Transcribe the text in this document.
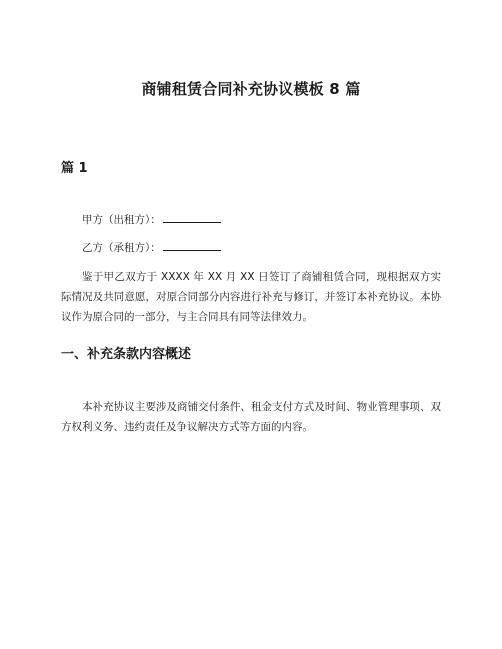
商铺租赁合同补充协议模板 8 篇
篇 1

甲方（出租方）：

乙方（承租方）：

鉴于甲乙双方于 XXXX 年 XX 月 XX 日签订了商铺租赁合同，现根据双方实际情况及共同意愿，对原合同部分内容进行补充与修订，并签订本补充协议。本协议作为原合同的一部分，与主合同具有同等法律效力。

一、补充条款内容概述

本补充协议主要涉及商铺交付条件、租金支付方式及时间、物业管理事项、双方权利义务、违约责任及争议解决方式等方面的内容。
